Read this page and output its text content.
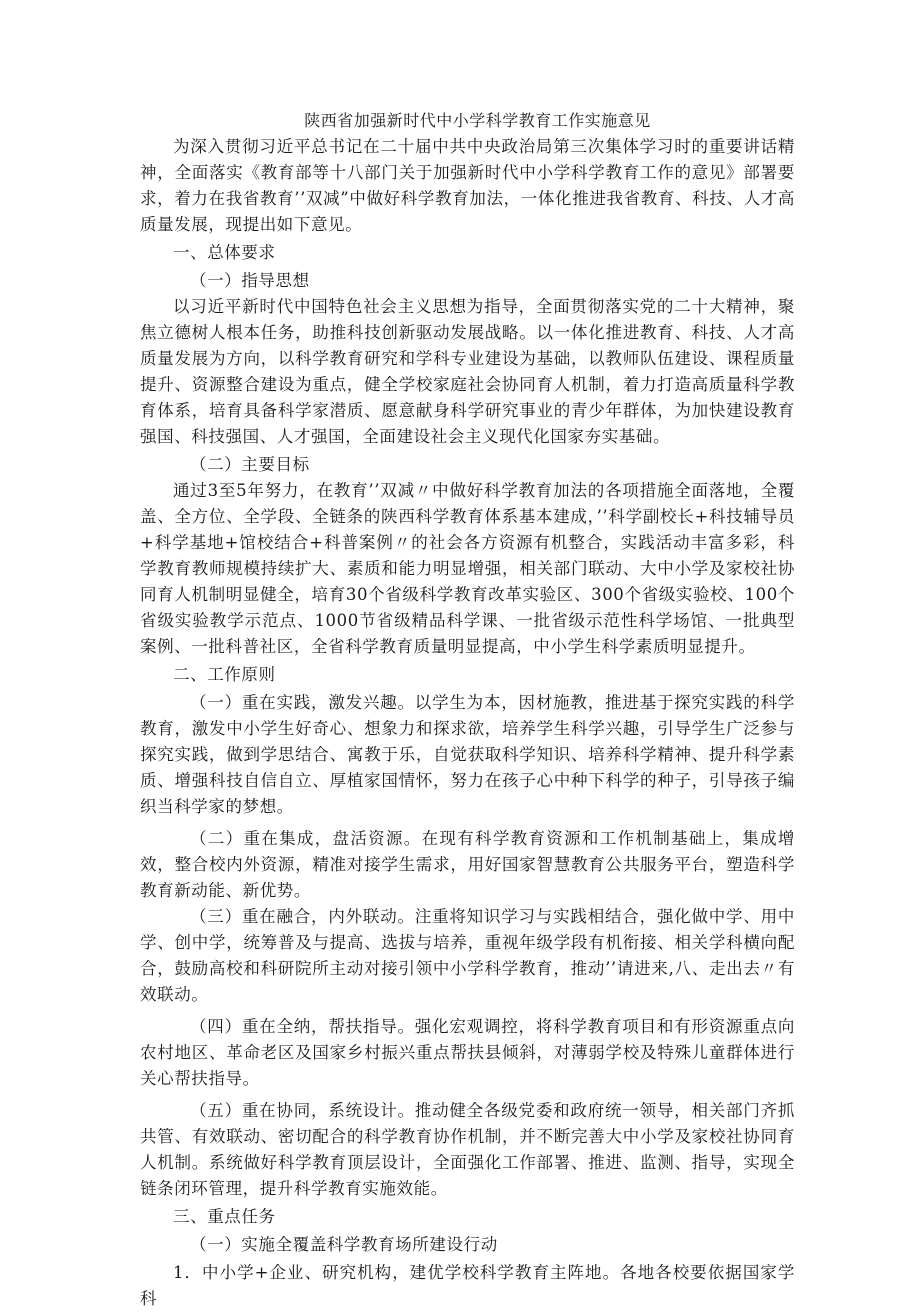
陕西省加强新时代中小学科学教育工作实施意见

为深入贯彻习近平总书记在二十届中共中央政治局第三次集体学习时的重要讲话精神，全面落实《教育部等十八部门关于加强新时代中小学科学教育工作的意见》部署要求，着力在我省教育’’双减”中做好科学教育加法，一体化推进我省教育、科技、人才高质量发展，现提出如下意见。

一、总体要求

（一）指导思想

以习近平新时代中国特色社会主义思想为指导，全面贯彻落实党的二十大精神，聚焦立德树人根本任务，助推科技创新驱动发展战略。以一体化推进教育、科技、人才高质量发展为方向，以科学教育研究和学科专业建设为基础，以教师队伍建设、课程质量提升、资源整合建设为重点，健全学校家庭社会协同育人机制，着力打造高质量科学教育体系，培育具备科学家潜质、愿意献身科学研究事业的青少年群体，为加快建设教育强国、科技强国、人才强国，全面建设社会主义现代化国家夯实基础。

（二）主要目标

通过3至5年努力，在教育’’双减〃中做好科学教育加法的各项措施全面落地，全覆盖、全方位、全学段、全链条的陕西科学教育体系基本建成，’’科学副校长+科技辅导员+科学基地+馆校结合+科普案例〃的社会各方资源有机整合，实践活动丰富多彩，科学教育教师规模持续扩大、素质和能力明显增强，相关部门联动、大中小学及家校社协同育人机制明显健全，培育30个省级科学教育改革实验区、300个省级实验校、100个省级实验教学示范点、1000节省级精品科学课、一批省级示范性科学场馆、一批典型案例、一批科普社区，全省科学教育质量明显提高，中小学生科学素质明显提升。

二、工作原则

（一）重在实践，激发兴趣。以学生为本，因材施教，推进基于探究实践的科学教育，激发中小学生好奇心、想象力和探求欲，培养学生科学兴趣，引导学生广泛参与探究实践，做到学思结合、寓教于乐，自觉获取科学知识、培养科学精神、提升科学素质、增强科技自信自立、厚植家国情怀，努力在孩子心中种下科学的种子，引导孩子编织当科学家的梦想。

（二）重在集成，盘活资源。在现有科学教育资源和工作机制基础上，集成增效，整合校内外资源，精准对接学生需求，用好国家智慧教育公共服务平台，塑造科学教育新动能、新优势。

（三）重在融合，内外联动。注重将知识学习与实践相结合，强化做中学、用中学、创中学，统筹普及与提高、选拔与培养，重视年级学段有机衔接、相关学科横向配合，鼓励高校和科研院所主动对接引领中小学科学教育，推动’’请进来,八、走出去〃有效联动。

（四）重在全纳，帮扶指导。强化宏观调控，将科学教育项目和有形资源重点向农村地区、革命老区及国家乡村振兴重点帮扶县倾斜，对薄弱学校及特殊儿童群体进行关心帮扶指导。

（五）重在协同，系统设计。推动健全各级党委和政府统一领导，相关部门齐抓共管、有效联动、密切配合的科学教育协作机制，并不断完善大中小学及家校社协同育人机制。系统做好科学教育顶层设计，全面强化工作部署、推进、监测、指导，实现全链条闭环管理，提升科学教育实施效能。

三、重点任务

（一）实施全覆盖科学教育场所建设行动

1．中小学+企业、研究机构，建优学校科学教育主阵地。各地各校要依据国家学科
